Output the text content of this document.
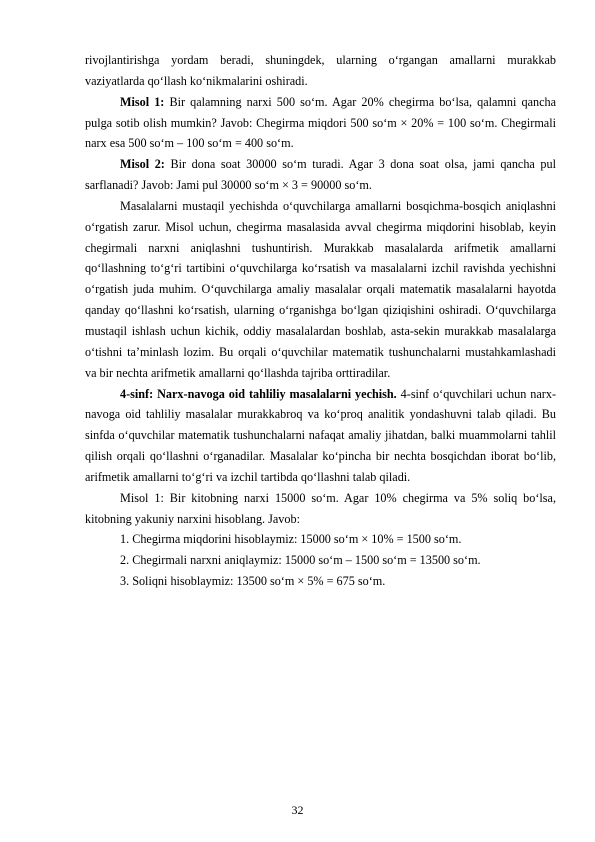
rivojlantirishga yordam beradi, shuningdek, ularning o‘rgangan amallarni murakkab vaziyatlarda qo‘llash ko‘nikmalarini oshiradi.

Misol 1: Bir qalamning narxi 500 so‘m. Agar 20% chegirma bo‘lsa, qalamni qancha pulga sotib olish mumkin? Javob: Chegirma miqdori 500 so‘m × 20% = 100 so‘m. Chegirmali narx esa 500 so‘m – 100 so‘m = 400 so‘m.

Misol 2: Bir dona soat 30000 so‘m turadi. Agar 3 dona soat olsa, jami qancha pul sarflanadi? Javob: Jami pul 30000 so‘m × 3 = 90000 so‘m.

Masalalarni mustaqil yechishda o‘quvchilarga amallarni bosqichma-bosqich aniqlashni o‘rgatish zarur. Misol uchun, chegirma masalasida avval chegirma miqdorini hisoblab, keyin chegirmali narxni aniqlashni tushuntirish. Murakkab masalalarda arifmetik amallarni qo‘llashning to‘g‘ri tartibini o‘quvchilarga ko‘rsatish va masalalarni izchil ravishda yechishni o‘rgatish juda muhim. O‘quvchilarga amaliy masalalar orqali matematik masalalarni hayotda qanday qo‘llashni ko‘rsatish, ularning o‘rganishga bo‘lgan qiziqishini oshiradi. O‘quvchilarga mustaqil ishlash uchun kichik, oddiy masalalardan boshlab, asta-sekin murakkab masalalarga o‘tishni ta’minlash lozim. Bu orqali o‘quvchilar matematik tushunchalarni mustahkamlashadi va bir nechta arifmetik amallarni qo‘llashda tajriba orttiradilar.

4-sinf: Narx-navoga oid tahliliy masalalarni yechish. 4-sinf o‘quvchilari uchun narx-navoga oid tahliliy masalalar murakkabroq va ko‘proq analitik yondashuvni talab qiladi. Bu sinfda o‘quvchilar matematik tushunchalarni nafaqat amaliy jihatdan, balki muammolarni tahlil qilish orqali qo‘llashni o‘rganadilar. Masalalar ko‘pincha bir nechta bosqichdan iborat bo‘lib, arifmetik amallarni to‘g‘ri va izchil tartibda qo‘llashni talab qiladi.

Misol 1: Bir kitobning narxi 15000 so‘m. Agar 10% chegirma va 5% soliq bo‘lsa, kitobning yakuniy narxini hisoblang. Javob:

1. Chegirma miqdorini hisoblaymiz: 15000 so‘m × 10% = 1500 so‘m.

2. Chegirmali narxni aniqlaymiz: 15000 so‘m – 1500 so‘m = 13500 so‘m.

3. Soliqni hisoblaymiz: 13500 so‘m × 5% = 675 so‘m.

32
